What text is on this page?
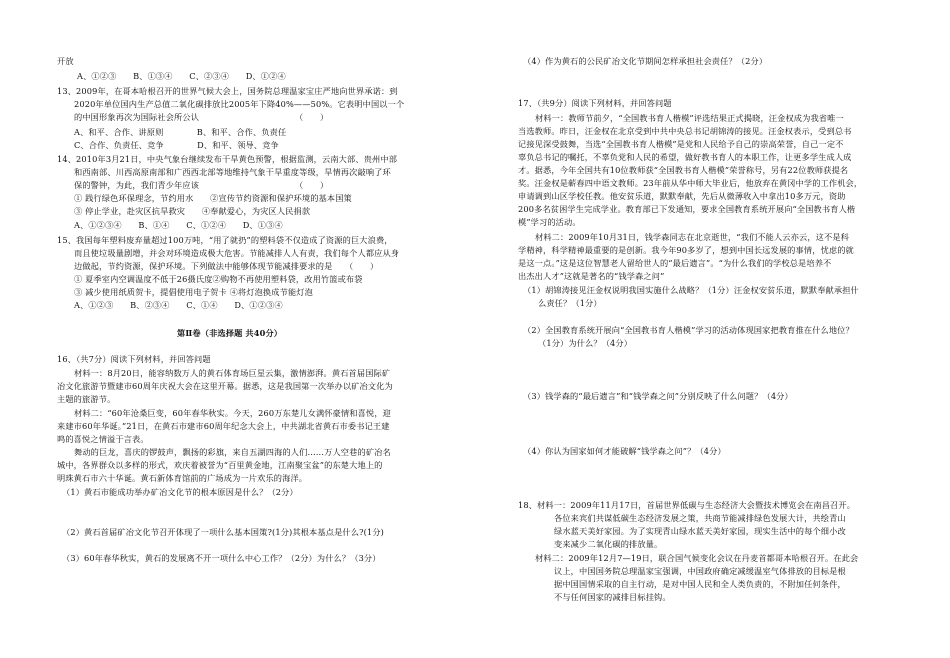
开放
A、①②③　　B、①③④　　C、②③④　　D、①②④
13、2009年，在哥本哈根召开的世界气候大会上，国务院总理温家宝庄严地向世界承诺：到
2020年单位国内生产总值二氧化碳排放比2005年下降40%——50%。它表明中国以一个
的中国形象再次为国际社会所公认　　　　　　　　　　　　（　　）
A、和平、合作、讲原则　　　　B、和平、合作、负责任
C、合作、负责任、竞争　　　　D、和平、领导、竞争
14、2010年3月21日，中央气象台继续发布干旱黄色预警，根据监测，云南大部、贵州中部
和西南部、川西高原南部和广西西北部等地维持气象干旱重度等级，旱情再次敲响了环
保的警钟，为此，我们青少年应该　　　　　　　　　　　　（　　）
① 践行绿色环保理念，节约用水　　②宣传节约资源和保护环境的基本国策
③ 停止学业，赴灾区抗旱救灾　　④奉献爱心，为灾区人民捐款
A、①②③④　　B、①④　　C、①②④　　D、①③④
15、我国每年塑料废弃量超过100万吨，“用了就扔”的塑料袋不仅造成了资源的巨大浪费，
而且使垃圾量剧增，并会对环境造成极大危害。节能减排人人有责，我们每个人都应从身
边做起，节约资源，保护环境。下列做法中能够体现节能减排要求的是　　（　　）
① 夏季室内空调温度不低于26摄氏度②购物不再使用塑料袋，改用竹篮或布袋
③ 减少使用纸质贺卡，提倡使用电子贺卡 ④将灯泡换成节能灯泡
A、①②③　　B、②③④　　C、①④　　D、①②③④
第Ⅱ卷（非选择题 共40分）
16、（共7分）阅读下列材料，并回答问题
材料一：8月20日，能容纳数万人的黄石体育场巨星云集，激情澎湃。黄石首届国际矿
冶文化旅游节暨建市60周年庆祝大会在这里开幕。据悉，这是我国第一次举办以矿冶文化为
主题的旅游节。
材料二：“60年沧桑巨变，60年春华秋实。今天，260万东楚儿女满怀豪情和喜悦，迎
来建市60年华诞。”21日，在黄石市建市60周年纪念大会上，中共湖北省黄石市委书记王建
鸣的喜悦之情溢于言表。
舞动的巨龙，喜庆的锣鼓声，飘扬的彩旗，来自五湖四海的人们……万人空巷的矿冶名
城中，各界群众以多样的形式，欢庆着被誉为“百里黄金地，江南聚宝盆”的东楚大地上的
明珠黄石市六十华诞。黄石新体育馆前的广场成为一片欢乐的海洋。
（1）黄石市能成功举办矿冶文化节的根本原因是什么？（2分）
（2）黄石首届矿冶文化节召开体现了一项什么基本国策?(1分)其根本基点是什么?(1分)
（3）60年春华秋实，黄石的发展离不开一项什么中心工作？（2分）为什么？（3分）
（4）作为黄石的公民矿冶文化节期间怎样承担社会责任？（2分）
17、（共9分）阅读下列材料，并回答问题
材料一：教师节前夕，“全国教书育人楷模”评选结果正式揭晓，汪金权成为我省唯一
当选教师。昨日，汪金权在北京受到中共中央总书记胡锦涛的接见。汪金权表示，受到总书
记接见深受鼓舞，当选“全国教书育人楷模”是党和人民给予自己的崇高荣誉，自己一定不
辜负总书记的嘱托，不辜负党和人民的希望，做好教书育人的本职工作，让更多学生成人成
才。据悉，今年全国共有10位教师获“全国教书育人楷模”荣誉称号，另有22位教师获提名
奖。汪金权是蕲春四中语文教师。23年前从华中师大毕业后，他放弃在黄冈中学的工作机会，
申请调到山区学校任教。他安贫乐道，默默奉献，先后从微薄收入中拿出10多万元，资助
200多名贫困学生完成学业。教育部已下发通知，要求全国教育系统开展向“全国教书育人楷
模”学习的活动。
材料二：2009年10月31日，钱学森同志在北京逝世，“我们不能人云亦云，这不是科
学精神，科学精神最重要的是创新。我今年90多岁了，想到中国长远发展的事情，忧虑的就
是这一点。”这是这位智慧老人留给世人的“最后遗言”。“为什么我们的学校总是培养不
出杰出人才”这就是著名的“钱学森之问”
（1）胡锦涛接见汪金权说明我国实施什么战略？（1分）汪金权安贫乐道，默默奉献承担什
么责任？（1分）
（2）全国教育系统开展向“全国教书育人楷模”学习的活动体现国家把教育推在什么地位？
（1分）为什么？（4分）
（3）钱学森的“最后遗言”和“钱学森之问”分别反映了什么问题？（4分）
（4）你认为国家如何才能破解“钱学森之问”？（4分）
18、材料一：2009年11月17日，首届世界低碳与生态经济大会暨技术博览会在南昌召开。
各位来宾们共谋低碳生态经济发展之策，共商节能减排绿色发展大计，共绘青山
绿水蓝天美好家园。为了实现青山绿水蓝天美好家园，现实生活中的每个细小改
变来减少二氧化碳的排放量。
材料二：2009年12月7—19日，联合国气候变化会议在丹麦首都哥本哈根召开。在此会
议上，中国国务院总理温家宝强调，中国政府确定减缓温室气体排放的目标是根
据中国国情采取的自主行动，是对中国人民和全人类负责的，不附加任何条件，
不与任何国家的减排目标挂钩。
